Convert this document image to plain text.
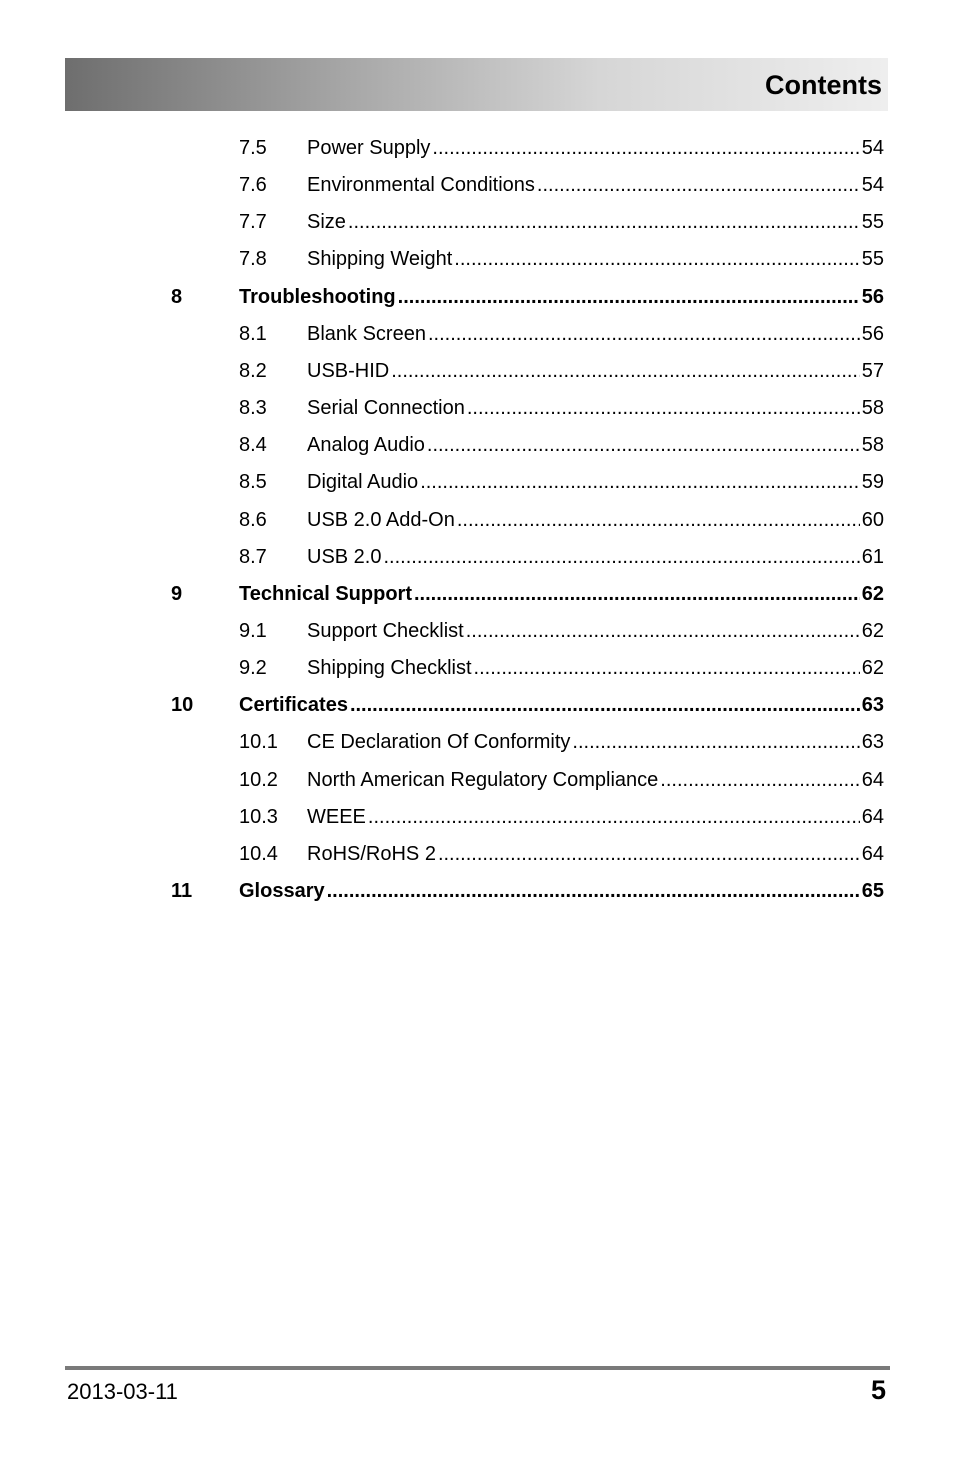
Contents
7.5 Power Supply .....	54
7.6 Environmental Conditions .....	54
7.7 Size .....	55
7.8 Shipping Weight .....	55
8	Troubleshooting .....	56
8.1 Blank Screen .....	56
8.2 USB-HID .....	57
8.3 Serial Connection .....	58
8.4 Analog Audio .....	58
8.5 Digital Audio .....	59
8.6 USB 2.0 Add-On .....	60
8.7 USB 2.0 .....	61
9	Technical Support .....	62
9.1 Support Checklist .....	62
9.2 Shipping Checklist .....	62
10 Certificates .....	63
10.1 CE Declaration Of Conformity .....	63
10.2 North American Regulatory Compliance .....	64
10.3 WEEE .....	64
10.4 RoHS/RoHS 2 .....	64
11 Glossary .....	65
2013-03-11	5
